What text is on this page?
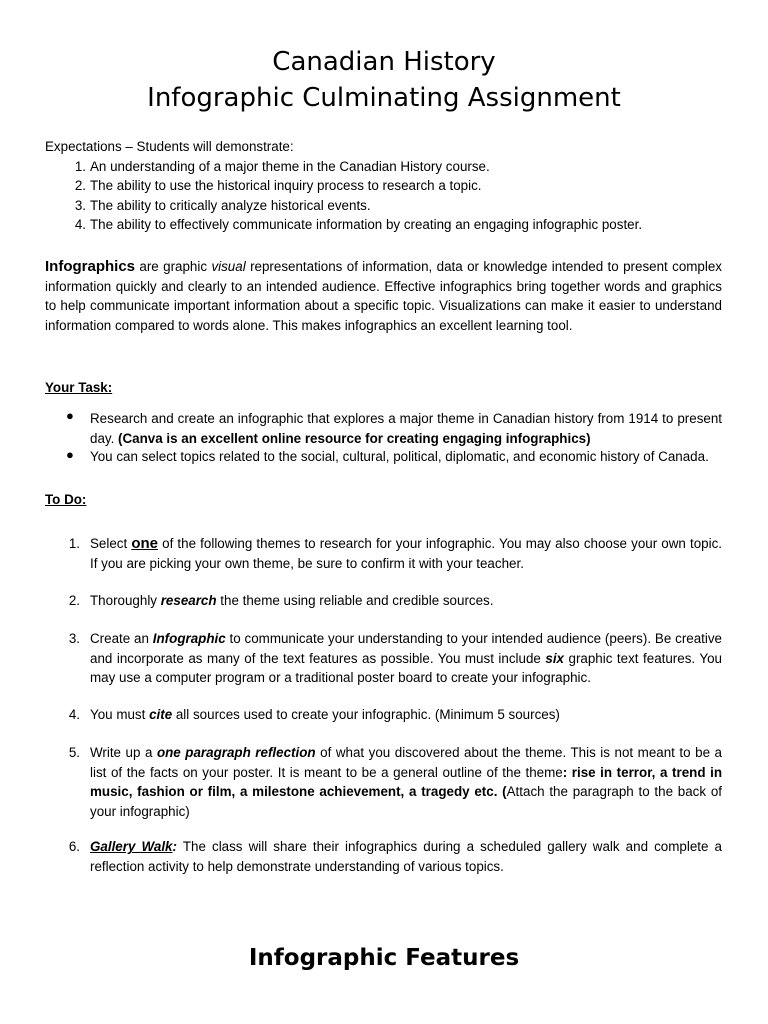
Canadian History
Infographic Culminating Assignment
Expectations – Students will demonstrate:
1. An understanding of a major theme in the Canadian History course.
2. The ability to use the historical inquiry process to research a topic.
3. The ability to critically analyze historical events.
4. The ability to effectively communicate information by creating an engaging infographic poster.
Infographics are graphic visual representations of information, data or knowledge intended to present complex information quickly and clearly to an intended audience. Effective infographics bring together words and graphics to help communicate important information about a specific topic. Visualizations can make it easier to understand information compared to words alone. This makes infographics an excellent learning tool.
Your Task:
● Research and create an infographic that explores a major theme in Canadian history from 1914 to present day. (Canva is an excellent online resource for creating engaging infographics)
● You can select topics related to the social, cultural, political, diplomatic, and economic history of Canada.
To Do:
1. Select one of the following themes to research for your infographic. You may also choose your own topic. If you are picking your own theme, be sure to confirm it with your teacher.
2. Thoroughly research the theme using reliable and credible sources.
3. Create an Infographic to communicate your understanding to your intended audience (peers). Be creative and incorporate as many of the text features as possible. You must include six graphic text features. You may use a computer program or a traditional poster board to create your infographic.
4. You must cite all sources used to create your infographic. (Minimum 5 sources)
5. Write up a one paragraph reflection of what you discovered about the theme. This is not meant to be a list of the facts on your poster. It is meant to be a general outline of the theme: rise in terror, a trend in music, fashion or film, a milestone achievement, a tragedy etc. (Attach the paragraph to the back of your infographic)
6. Gallery Walk: The class will share their infographics during a scheduled gallery walk and complete a reflection activity to help demonstrate understanding of various topics.
Infographic Features
